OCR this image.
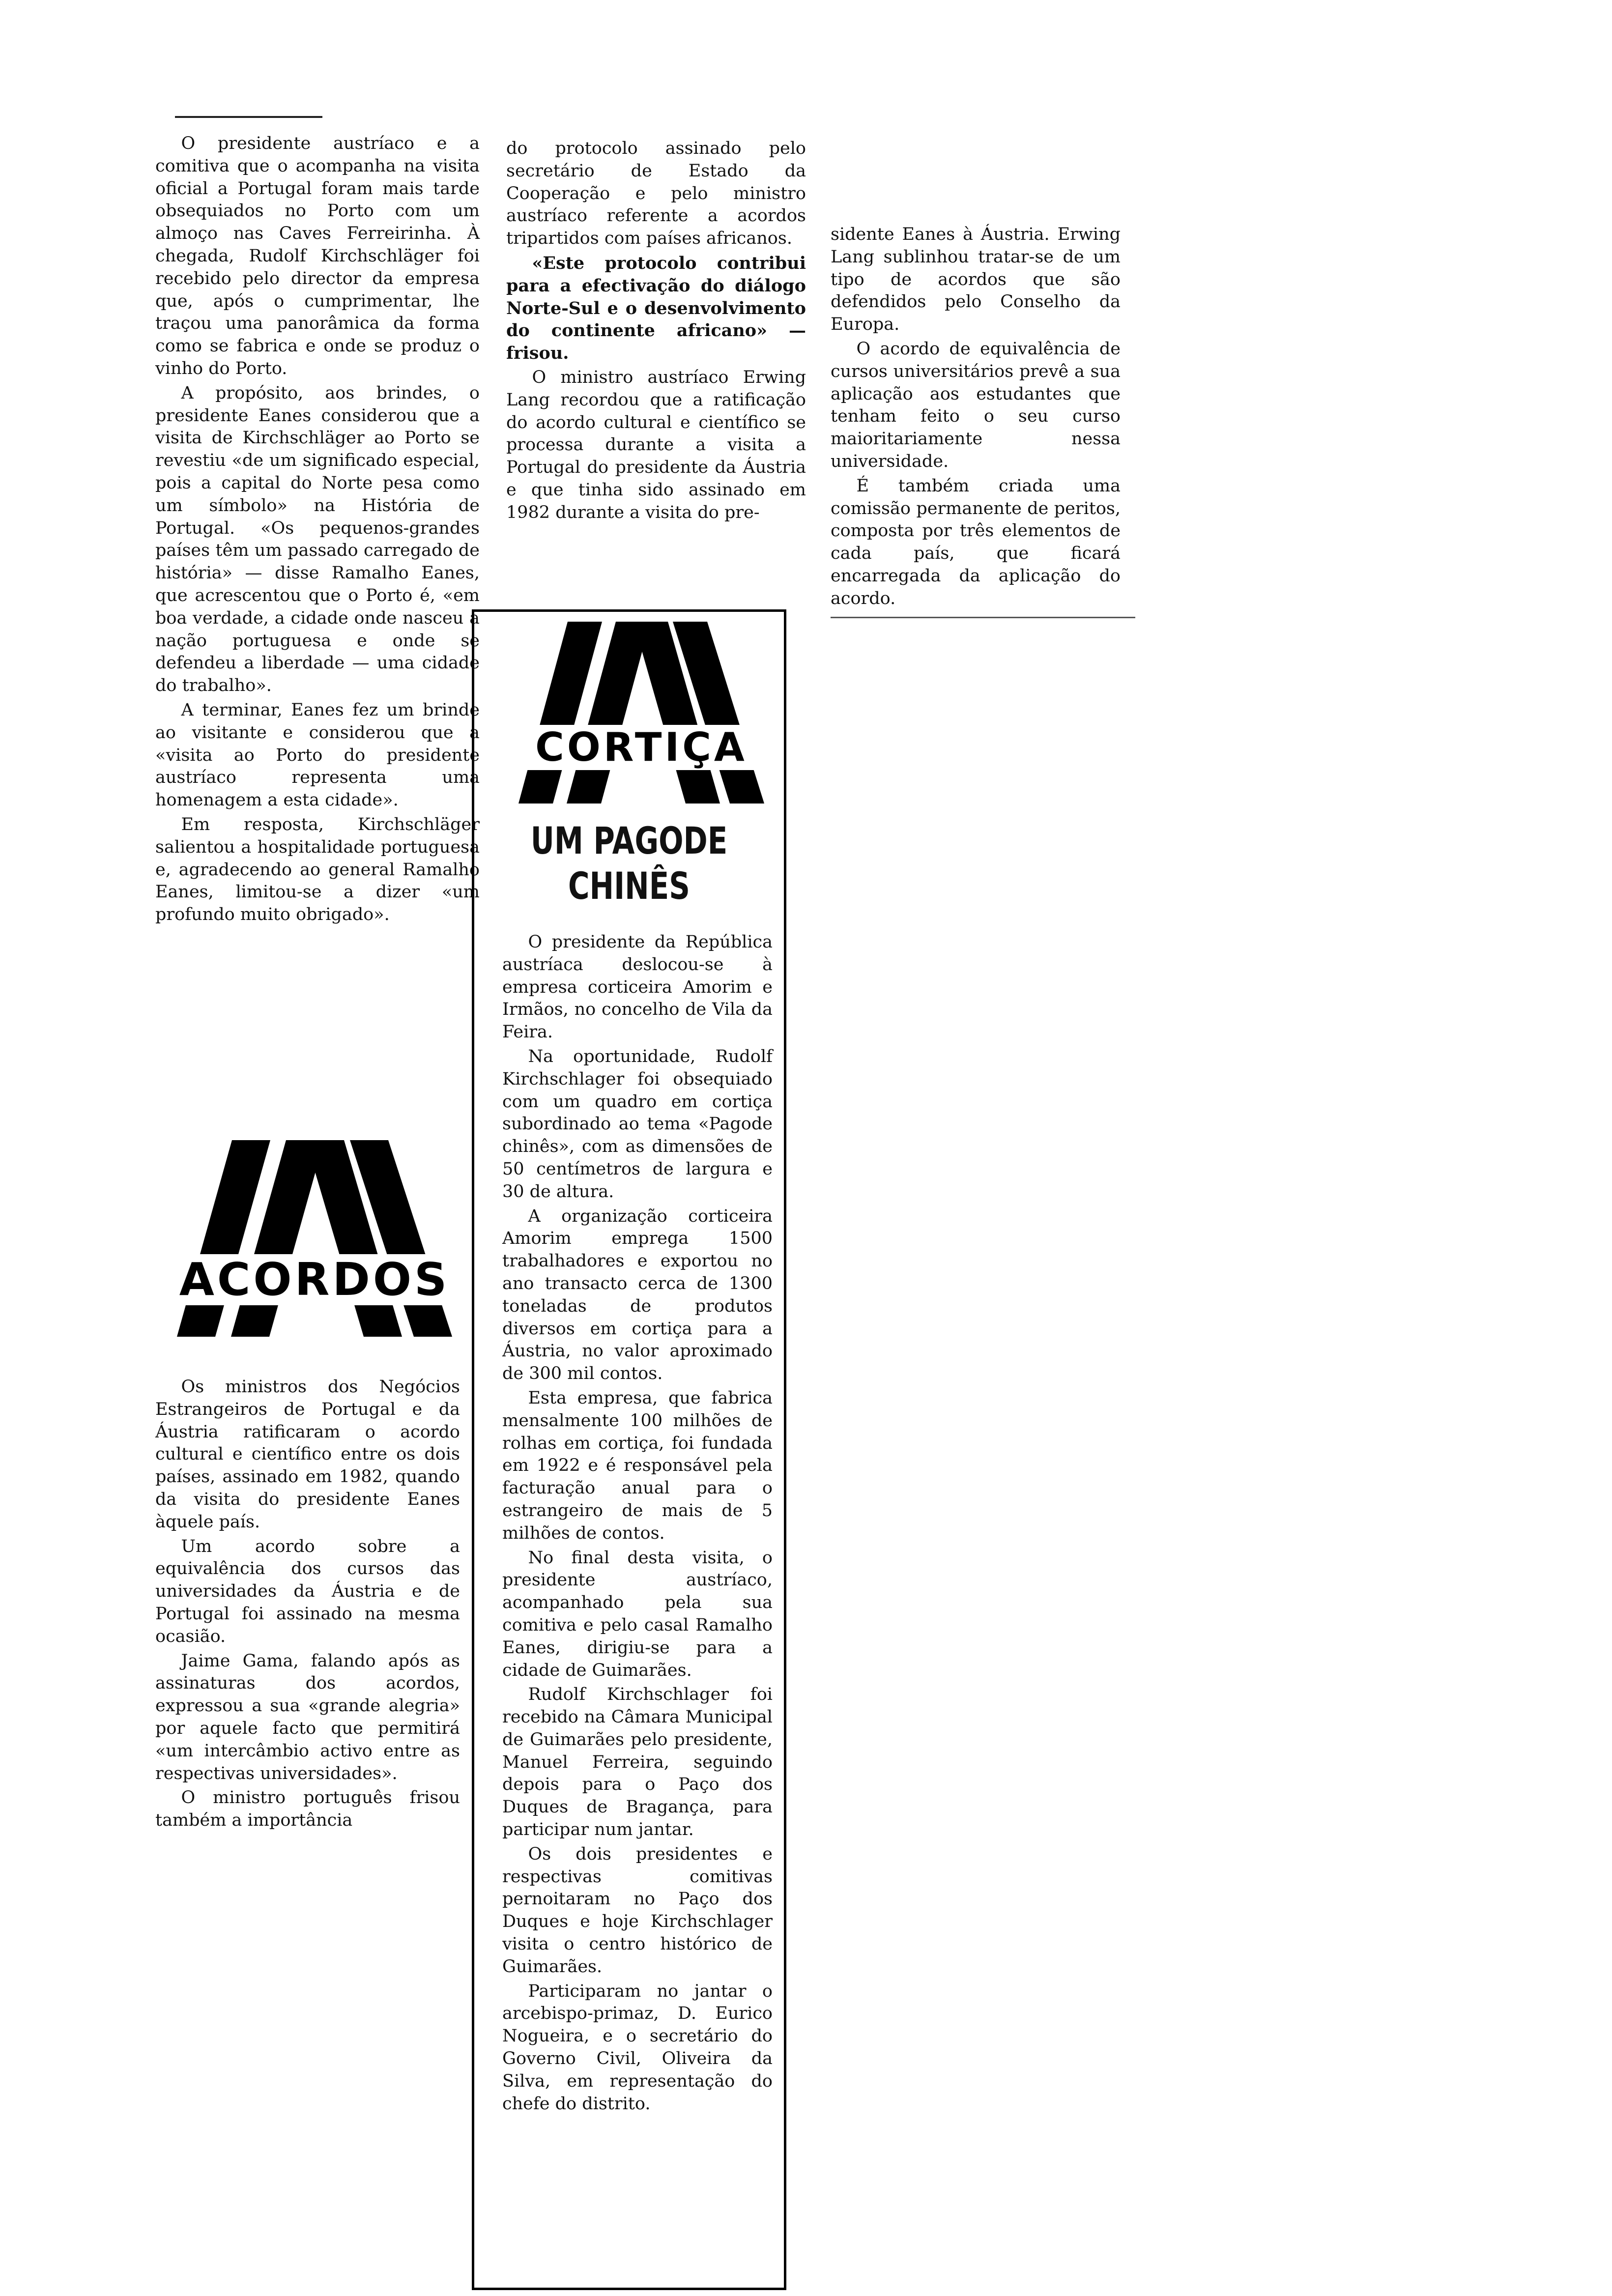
O presidente austríaco e a comitiva que o acompanha na visita oficial a Portugal foram mais tarde obsequiados no Porto com um almoço nas Caves Ferreirinha. À chegada, Rudolf Kirchschläger foi recebido pelo director da empresa que, após o cumprimentar, lhe traçou uma panorâmica da forma como se fabrica e onde se produz o vinho do Porto.

A propósito, aos brindes, o presidente Eanes considerou que a visita de Kirchschläger ao Porto se revestiu «de um significado especial, pois a capital do Norte pesa como um símbolo» na História de Portugal. «Os pequenos-grandes países têm um passado carregado de história» — disse Ramalho Eanes, que acrescentou que o Porto é, «em boa verdade, a cidade onde nasceu a nação portuguesa e onde se defendeu a liberdade — uma cidade do trabalho».

A terminar, Eanes fez um brinde ao visitante e considerou que a «visita ao Porto do presidente austríaco representa uma homenagem a esta cidade».

Em resposta, Kirchschläger salientou a hospitalidade portuguesa e, agradecendo ao general Ramalho Eanes, limitou-se a dizer «um profundo muito obrigado».

ACORDOS

Os ministros dos Negócios Estrangeiros de Portugal e da Áustria ratificaram o acordo cultural e científico entre os dois países, assinado em 1982, quando da visita do presidente Eanes àquele país.

Um acordo sobre a equivalência dos cursos das universidades da Áustria e de Portugal foi assinado na mesma ocasião.

Jaime Gama, falando após as assinaturas dos acordos, expressou a sua «grande alegria» por aquele facto que permitirá «um intercâmbio activo entre as respectivas universidades».

O ministro português frisou também a importância

do protocolo assinado pelo secretário de Estado da Cooperação e pelo ministro austríaco referente a acordos tripartidos com países africanos.

«Este protocolo contribui para a efectivação do diálogo Norte-Sul e o desenvolvimento do continente africano» — frisou.

O ministro austríaco Erwing Lang recordou que a ratificação do acordo cultural e científico se processa durante a visita a Portugal do presidente da Áustria e que tinha sido assinado em 1982 durante a visita do pre-

sidente Eanes à Áustria. Erwing Lang sublinhou tratar-se de um tipo de acordos que são defendidos pelo Conselho da Europa.

O acordo de equivalência de cursos universitários prevê a sua aplicação aos estudantes que tenham feito o seu curso maioritariamente nessa universidade.

É também criada uma comissão permanente de peritos, composta por três elementos de cada país, que ficará encarregada da aplicação do acordo.

CORTIÇA
UM PAGODE
CHINÊS

O presidente da República austríaca deslocou-se à empresa corticeira Amorim e Irmãos, no concelho de Vila da Feira.

Na oportunidade, Rudolf Kirchschlager foi obsequiado com um quadro em cortiça subordinado ao tema «Pagode chinês», com as dimensões de 50 centímetros de largura e 30 de altura.

A organização corticeira Amorim emprega 1500 trabalhadores e exportou no ano transacto cerca de 1300 toneladas de produtos diversos em cortiça para a Áustria, no valor aproximado de 300 mil contos.

Esta empresa, que fabrica mensalmente 100 milhões de rolhas em cortiça, foi fundada em 1922 e é responsável pela facturação anual para o estrangeiro de mais de 5 milhões de contos.

No final desta visita, o presidente austríaco, acompanhado pela sua comitiva e pelo casal Ramalho Eanes, dirigiu-se para a cidade de Guimarães.

Rudolf Kirchschlager foi recebido na Câmara Municipal de Guimarães pelo presidente, Manuel Ferreira, seguindo depois para o Paço dos Duques de Bragança, para participar num jantar.

Os dois presidentes e respectivas comitivas pernoitaram no Paço dos Duques e hoje Kirchschlager visita o centro histórico de Guimarães.

Participaram no jantar o arcebispo-primaz, D. Eurico Nogueira, e o secretário do Governo Civil, Oliveira da Silva, em representação do chefe do distrito.
